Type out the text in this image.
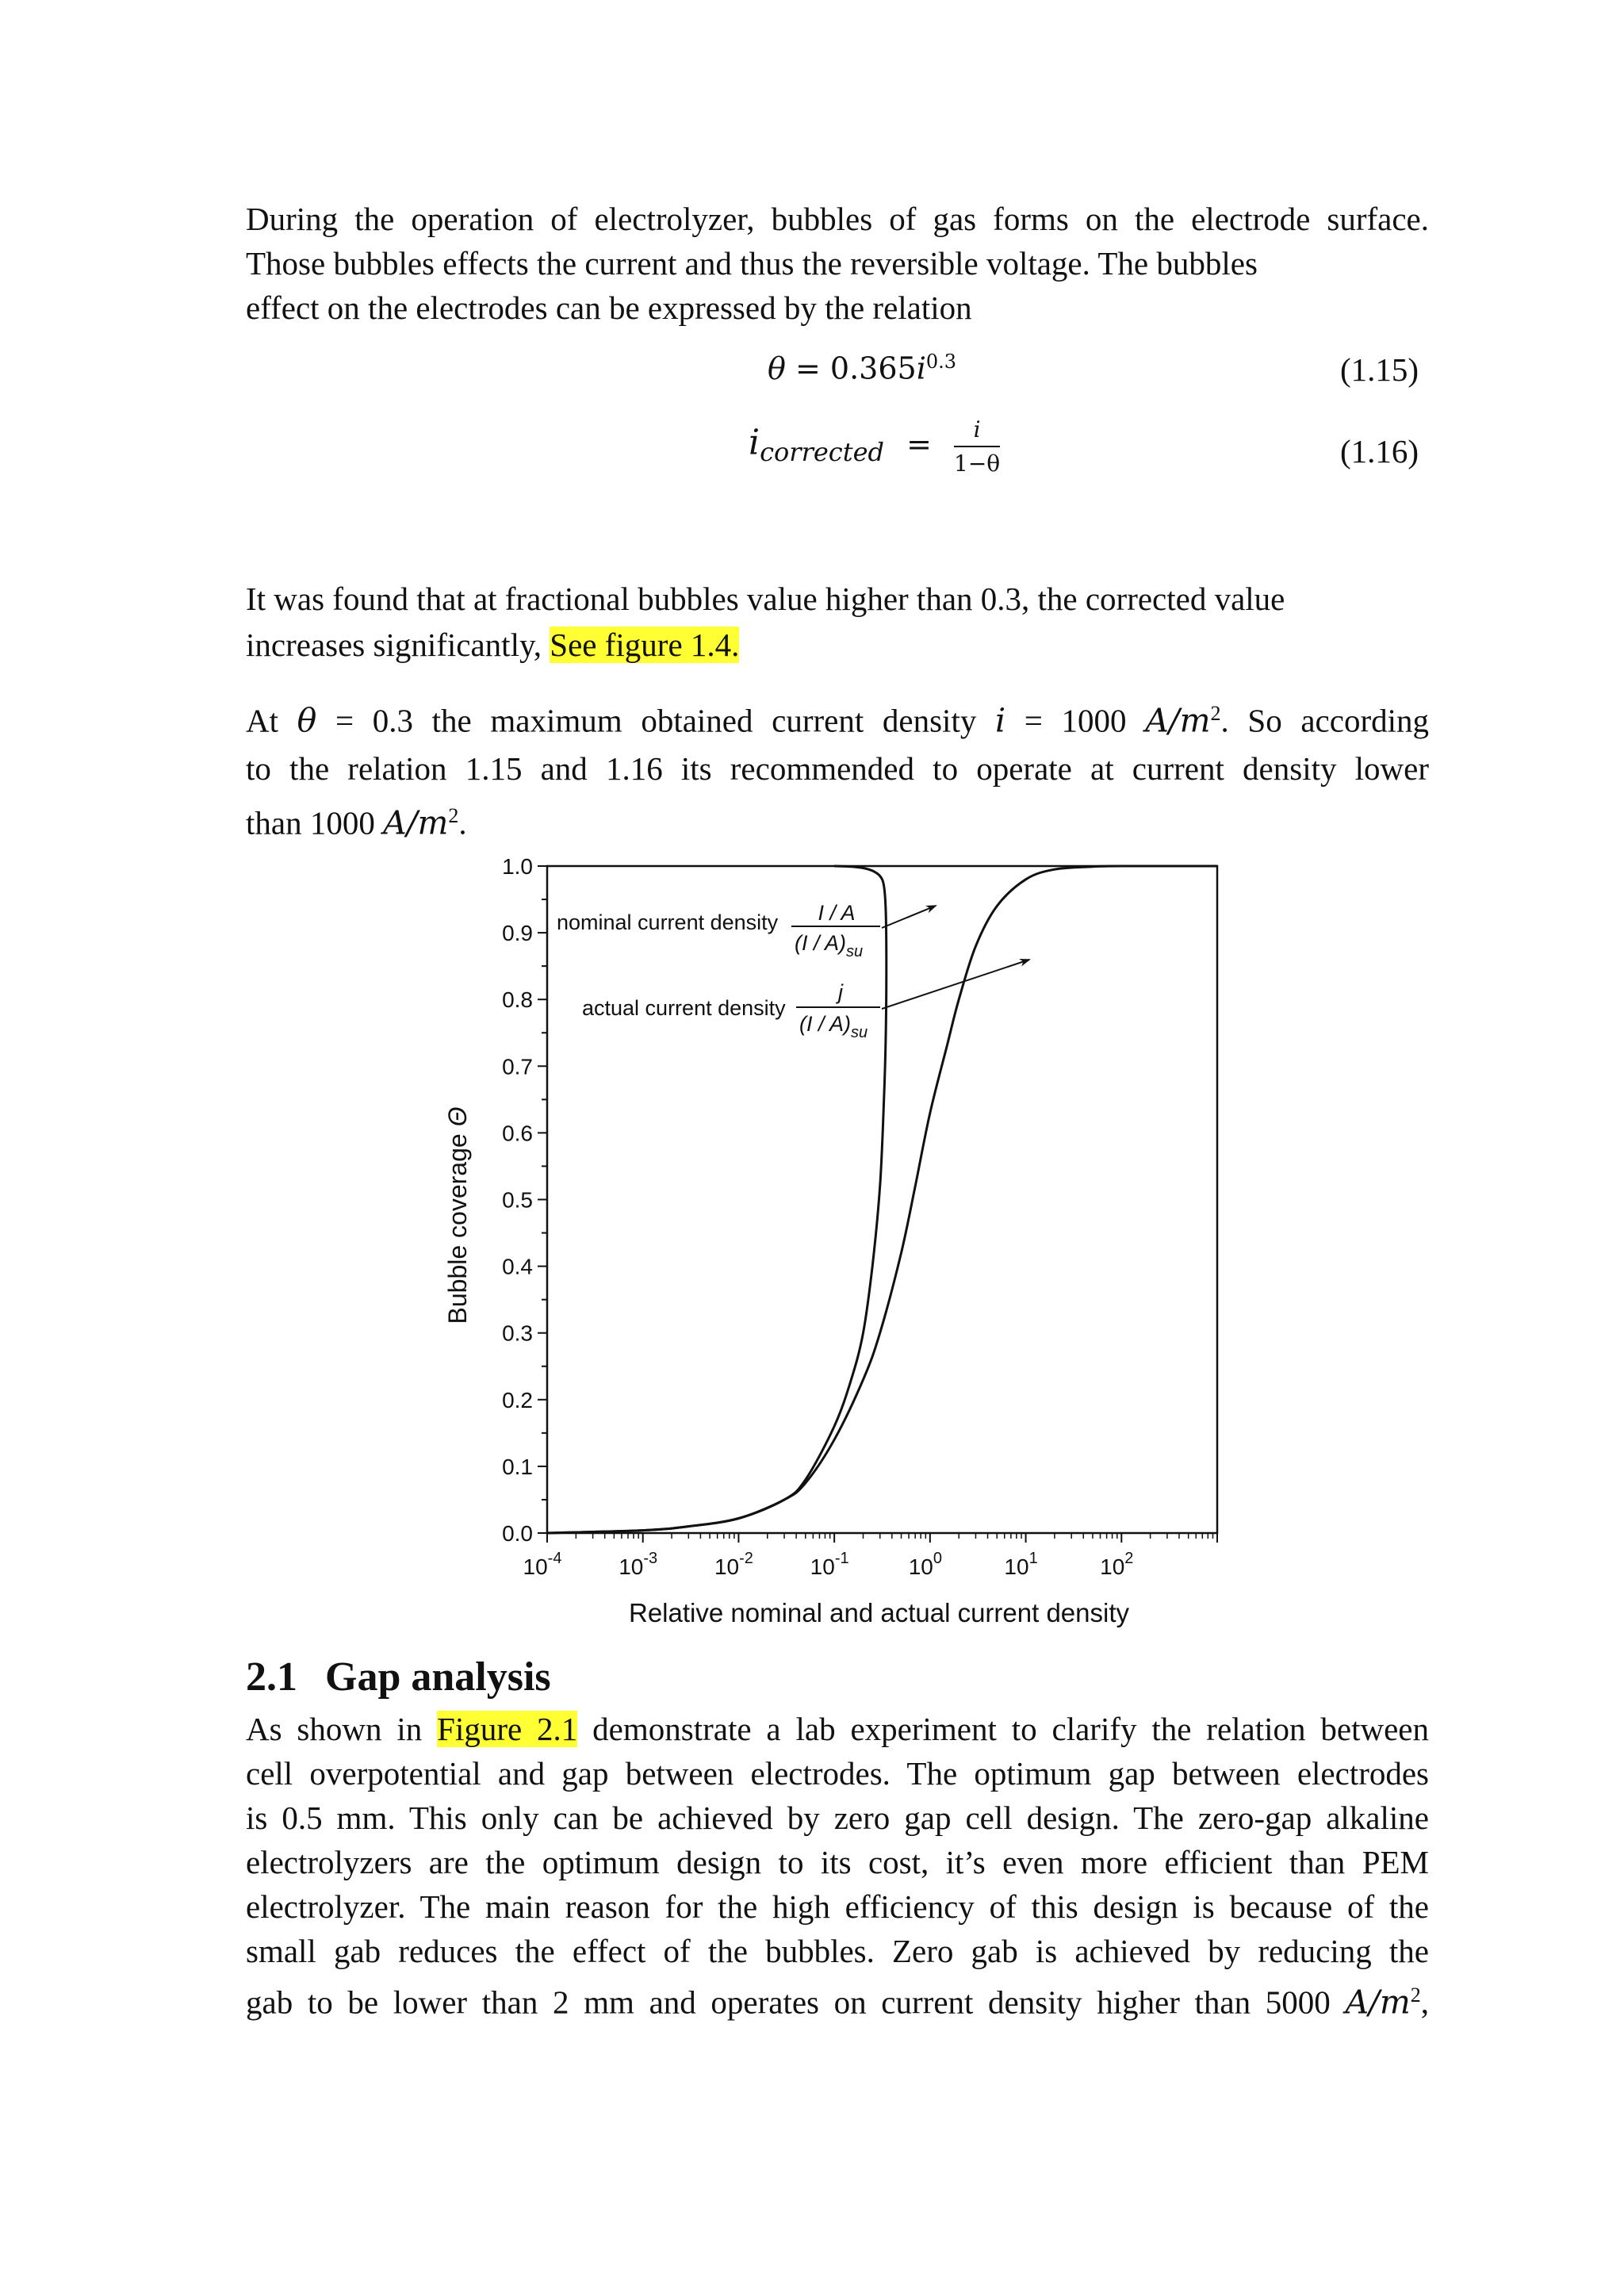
During the operation of electrolyzer, bubbles of gas forms on the electrode surface.
Those bubbles effects the current and thus the reversible voltage. The bubbles
effect on the electrodes can be expressed by the relation
$\theta = 0.365i^{0.3}$	(1.15)
$i_{corrected} = \frac{i}{1-\theta}$	(1.16)
It was found that at fractional bubbles value higher than 0.3, the corrected value
increases significantly, See figure 1.4.
At θ = 0.3 the maximum obtained current density i = 1000 $A/m^2$. So according
to the relation 1.15 and 1.16 its recommended to operate at current density lower
than 1000 $A/m^2$.
0.0
0.1
0.2
0.3
0.4
0.5
0.6
0.7
0.8
0.9
1.0
$10^{-4}$	$10^{-3}$	$10^{-2}$	$10^{-1}$	$10^0$	$10^1$	$10^2$
Bubble coverage Θ
Relative nominal and actual current density
nominal current density I / A
$(I / A)_{su}$
actual current density
j
$(I / A)_{su}$
2.1 Gap analysis
As shown in Figure 2.1 demonstrate a lab experiment to clarify the relation between
cell overpotential and gap between electrodes. The optimum gap between electrodes
is 0.5 mm. This only can be achieved by zero gap cell design. The zero-gap alkaline
electrolyzers are the optimum design to its cost, it’s even more efficient than PEM
electrolyzer. The main reason for the high efficiency of this design is because of the
small gab reduces the effect of the bubbles. Zero gab is achieved by reducing the
gab to be lower than 2 mm and operates on current density higher than 5000 $A/m^2$,
